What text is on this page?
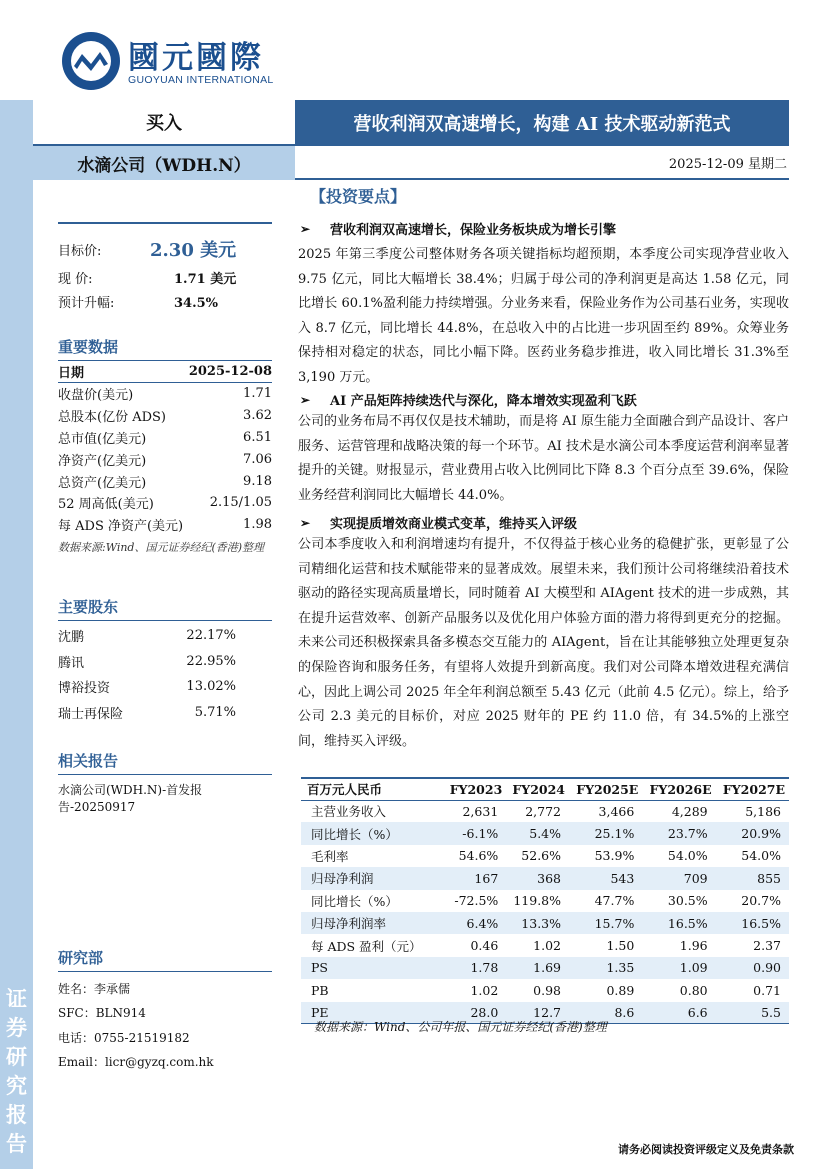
证
券
研
究
报
告
國元國際
GUOYUAN INTERNATIONAL
买入	营收利润双高速增长，构建 AI 技术驱动新范式
水滴公司（WDH.N）	2025-12-09 星期二
目标价:	2.30 美元
现 价:	1.71 美元
预计升幅:	34.5%
重要数据
日期	2025-12-08
收盘价(美元)	1.71
总股本(亿份 ADS)	3.62
总市值(亿美元)	6.51
净资产(亿美元)	7.06
总资产(亿美元)	9.18
52 周高低(美元)	2.15/1.05
每 ADS 净资产(美元)	1.98
数据来源:Wind、国元证券经纪(香港)整理
主要股东
沈鹏	22.17%
腾讯	22.95%
博裕投资	13.02%
瑞士再保险	5.71%
相关报告
水滴公司(WDH.N)-首发报告-20250917
研究部
姓名：李承儒
SFC：BLN914
电话：0755-21519182
Email：licr@gyzq.com.hk
【投资要点】
➢	营收利润双高速增长，保险业务板块成为增长引擎
2025 年第三季度公司整体财务各项关键指标均超预期，本季度公司实现净营业收入 9.75 亿元，同比大幅增长 38.4%；归属于母公司的净利润更是高达 1.58 亿元，同比增长 60.1%盈利能力持续增强。分业务来看，保险业务作为公司基石业务，实现收入 8.7 亿元，同比增长 44.8%，在总收入中的占比进一步巩固至约 89%。众筹业务保持相对稳定的状态，同比小幅下降。医药业务稳步推进，收入同比增长 31.3%至 3,190 万元。
➢	AI 产品矩阵持续迭代与深化，降本增效实现盈利飞跃
公司的业务布局不再仅仅是技术辅助，而是将 AI 原生能力全面融合到产品设计、客户服务、运营管理和战略决策的每一个环节。AI 技术是水滴公司本季度运营利润率显著提升的关键。财报显示，营业费用占收入比例同比下降 8.3 个百分点至 39.6%，保险业务经营利润同比大幅增长 44.0%。
➢	实现提质增效商业模式变革，维持买入评级
公司本季度收入和利润增速均有提升，不仅得益于核心业务的稳健扩张，更彰显了公司精细化运营和技术赋能带来的显著成效。展望未来，我们预计公司将继续沿着技术驱动的路径实现高质量增长，同时随着 AI 大模型和 AIAgent 技术的进一步成熟，其在提升运营效率、创新产品服务以及优化用户体验方面的潜力将得到更充分的挖掘。未来公司还积极探索具备多模态交互能力的 AIAgent，旨在让其能够独立处理更复杂的保险咨询和服务任务，有望将人效提升到新高度。我们对公司降本增效进程充满信心，因此上调公司 2025 年全年利润总额至 5.43 亿元（此前 4.5 亿元）。综上，给予公司 2.3 美元的目标价，对应 2025 财年的 PE 约 11.0 倍，有 34.5%的上涨空间，维持买入评级。
百万元人民币	FY2023	FY2024	FY2025E	FY2026E	FY2027E
主营业务收入	2,631	2,772	3,466	4,289	5,186
同比增长（%）	-6.1%	5.4%	25.1%	23.7%	20.9%
毛利率	54.6%	52.6%	53.9%	54.0%	54.0%
归母净利润	167	368	543	709	855
同比增长（%）	-72.5%	119.8%	47.7%	30.5%	20.7%
归母净利润率	6.4%	13.3%	15.7%	16.5%	16.5%
每 ADS 盈利（元）	0.46	1.02	1.50	1.96	2.37
PS	1.78	1.69	1.35	1.09	0.90
PB	1.02	0.98	0.89	0.80	0.71
PE	28.0	12.7	8.6	6.6	5.5
数据来源：Wind、公司年报、国元证券经纪(香港)整理
请务必阅读投资评级定义及免责条款
